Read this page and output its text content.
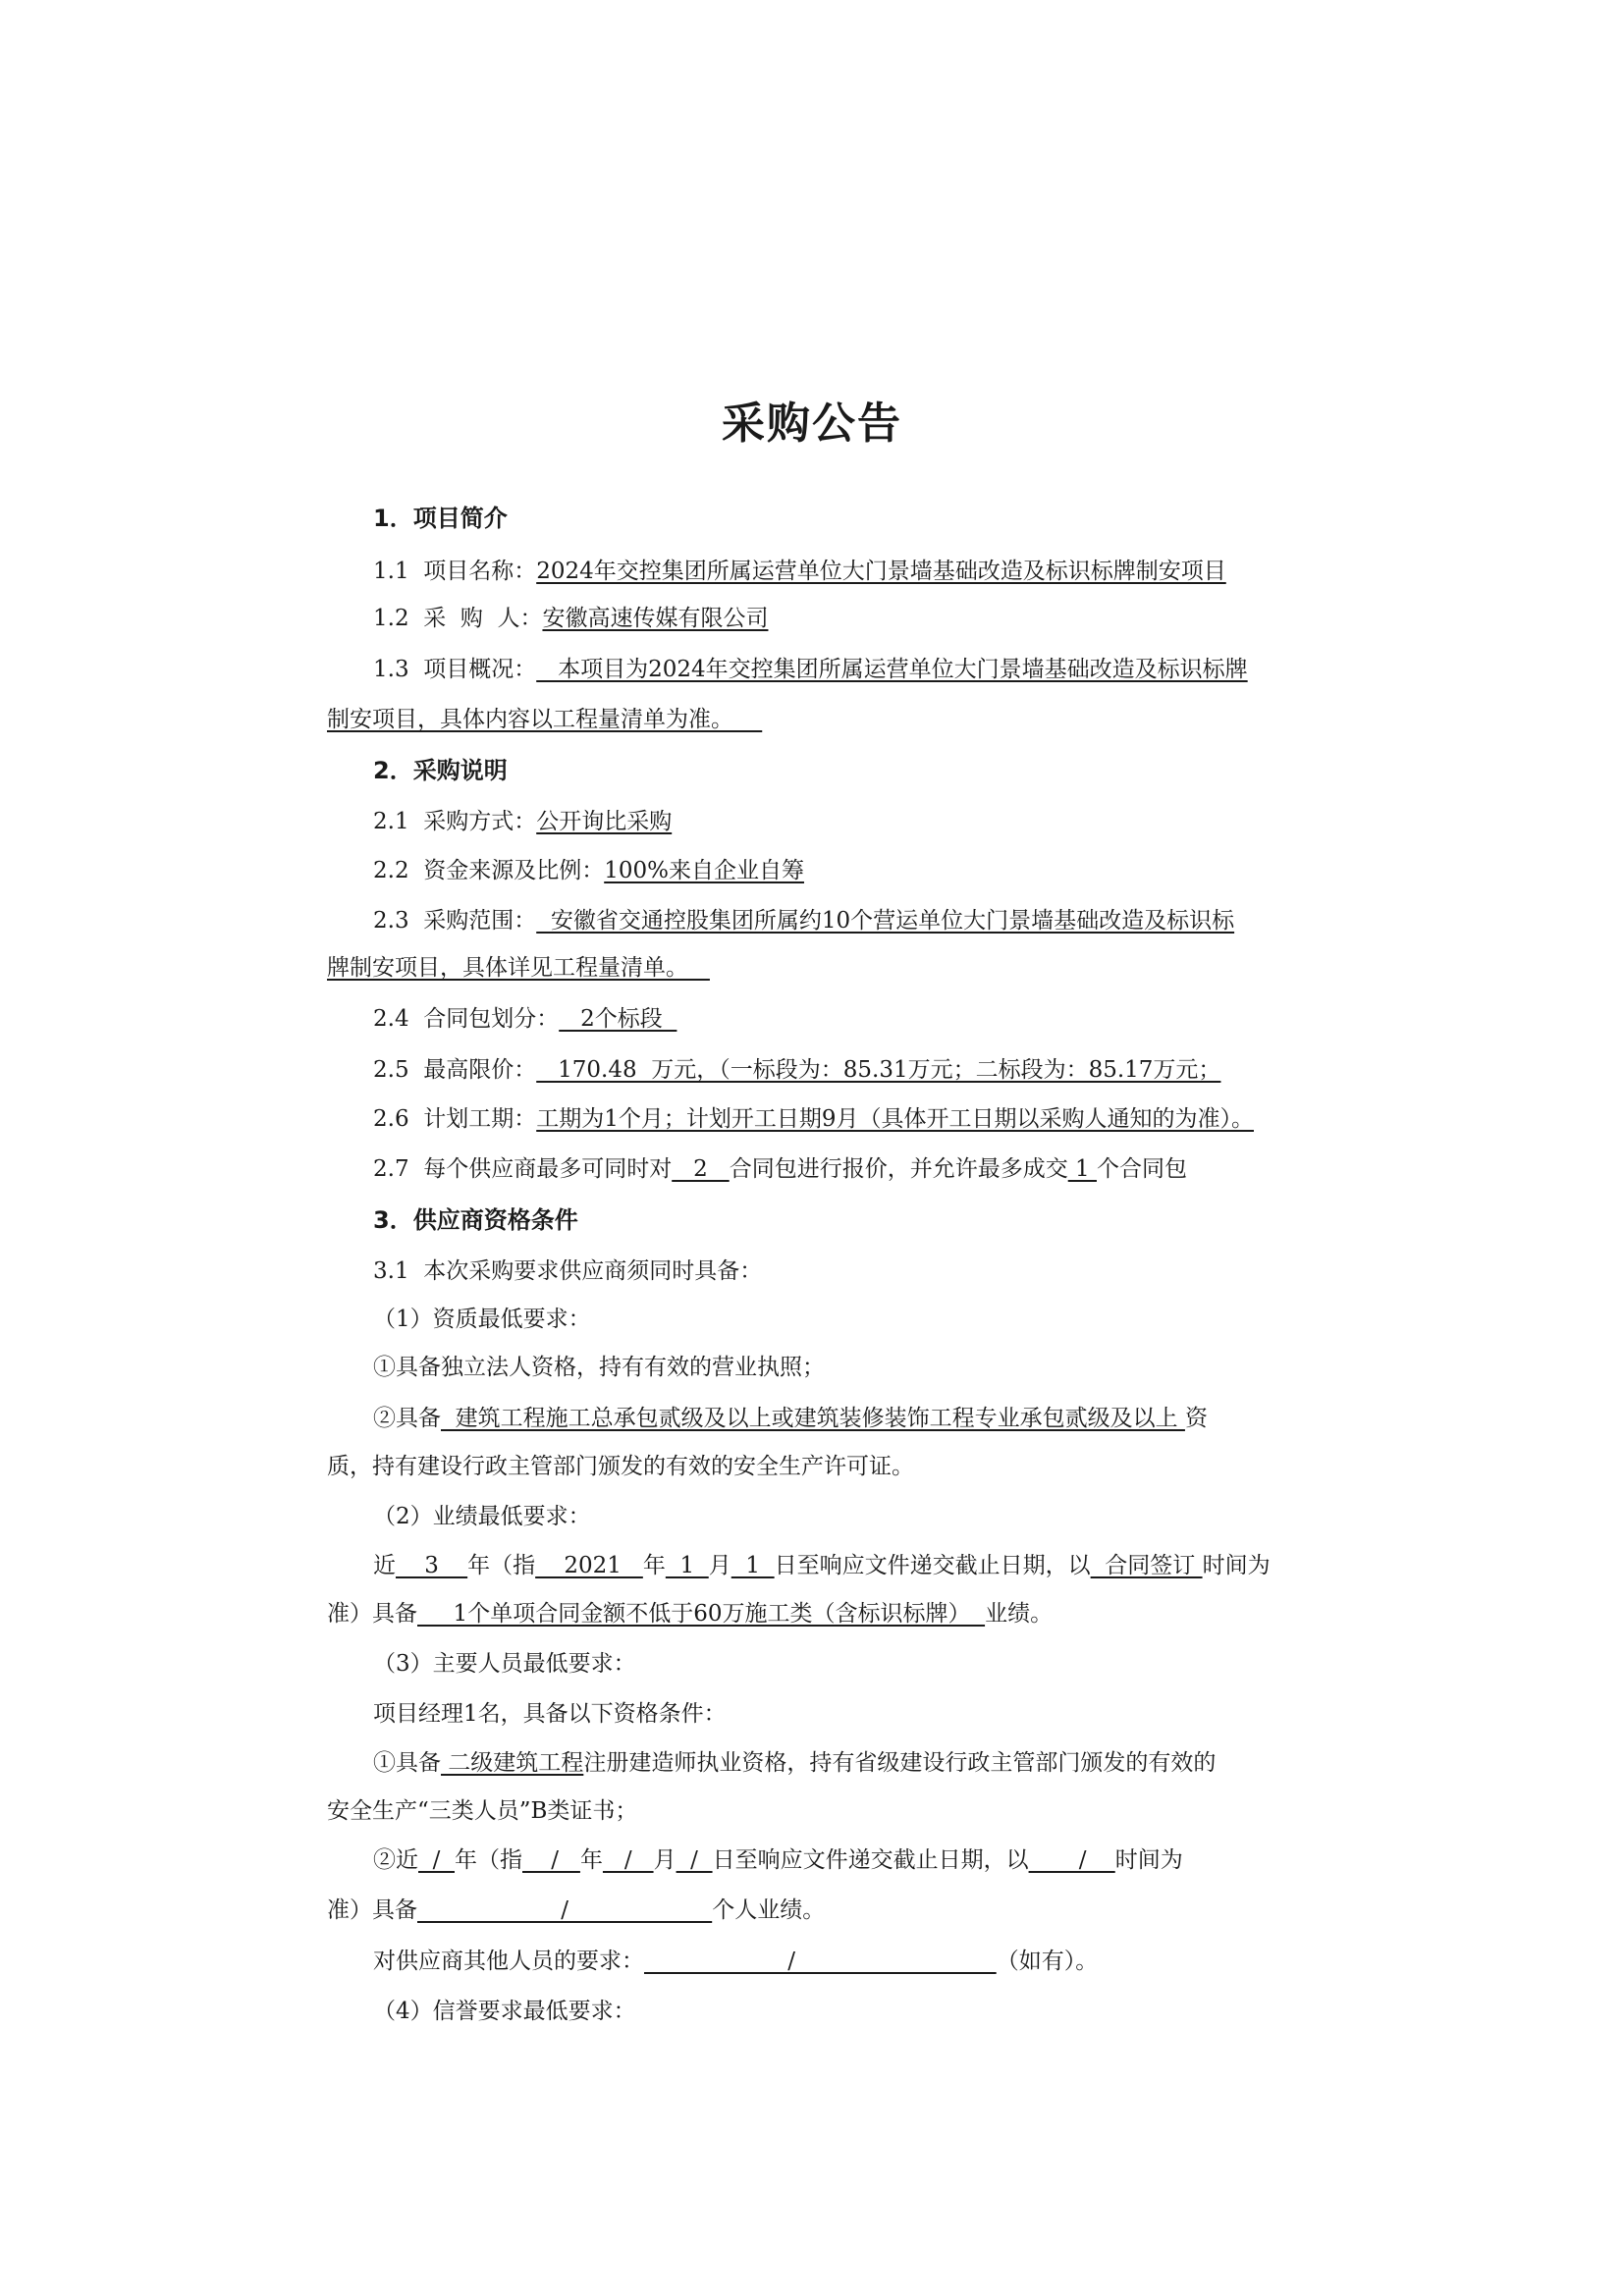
采购公告
1．项目简介
1.1  项目名称：2024年交控集团所属运营单位大门景墙基础改造及标识标牌制安项目
1.2  采  购  人：安徽高速传媒有限公司
1.3  项目概况：   本项目为2024年交控集团所属运营单位大门景墙基础改造及标识标牌
制安项目，具体内容以工程量清单为准。
2．采购说明
2.1  采购方式：公开询比采购
2.2  资金来源及比例：100%来自企业自筹
2.3  采购范围：  安徽省交通控股集团所属约10个营运单位大门景墙基础改造及标识标
牌制安项目，具体详见工程量清单。
2.4  合同包划分：   2个标段
2.5  最高限价：   170.48  万元，（一标段为：85.31万元；二标段为：85.17万元；
2.6  计划工期：工期为1个月；计划开工日期9月（具体开工日期以采购人通知的为准）。
2.7  每个供应商最多可同时对   2   合同包进行报价，并允许最多成交 1 个合同包
3．供应商资格条件
3.1  本次采购要求供应商须同时具备：
（1）资质最低要求：
①具备独立法人资格，持有有效的营业执照；
②具备  建筑工程施工总承包贰级及以上或建筑装修装饰工程专业承包贰级及以上 资
质，持有建设行政主管部门颁发的有效的安全生产许可证。
（2）业绩最低要求：
近    3    年（指    2021   年  1  月  1  日至响应文件递交截止日期，以  合同签订 时间为
准）具备     1个单项合同金额不低于60万施工类（含标识标牌）  业绩。
（3）主要人员最低要求：
项目经理1名，具备以下资格条件：
①具备 二级建筑工程注册建造师执业资格，持有省级建设行政主管部门颁发的有效的
安全生产“三类人员”B类证书；
②近  /  年（指    /   年   /   月  /  日至响应文件递交截止日期，以       /    时间为
准）具备                    /                    个人业绩。
对供应商其他人员的要求：                    /                            （如有）。
（4）信誉要求最低要求：
